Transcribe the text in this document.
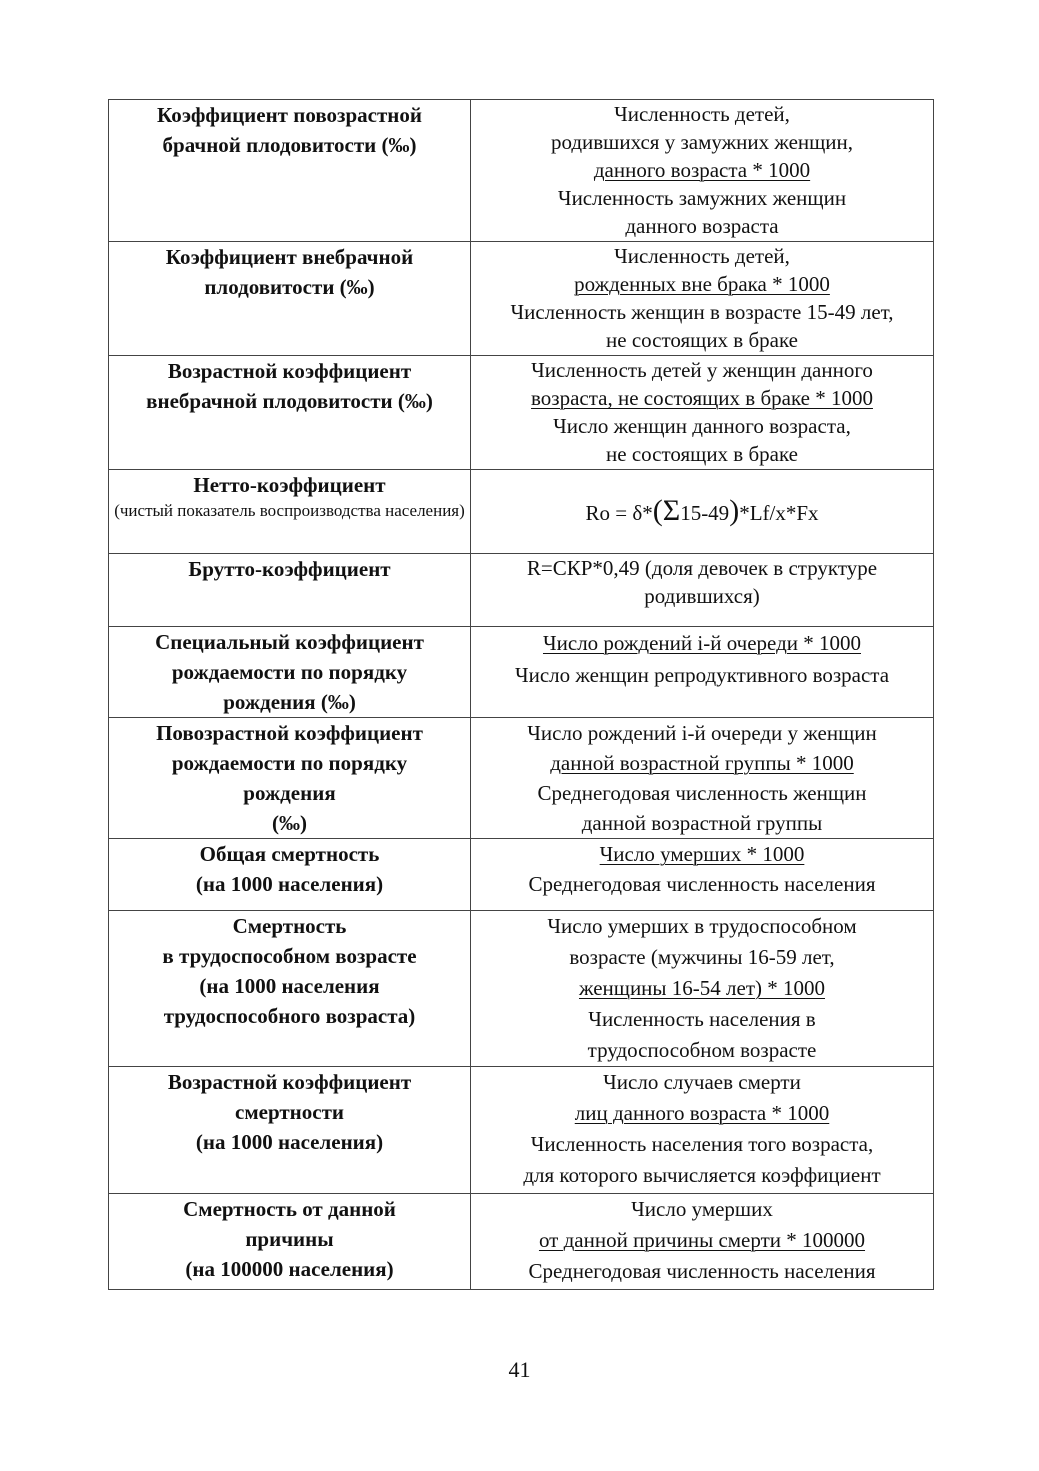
Коэффициент повозрастной
брачной плодовитости (‰)	Численность детей,
родившихся у замужних женщин,
данного возраста * 1000
Численность замужних женщин
данного возраста

Коэффициент внебрачной
плодовитости (‰)	Численность детей,
рожденных вне брака * 1000
Численность женщин в возрасте 15-49 лет,
не состоящих в браке

Возрастной коэффициент
внебрачной плодовитости (‰)	Численность детей у женщин данного
возраста, не состоящих в браке * 1000
Число женщин данного возраста,
не состоящих в браке

Нетто-коэффициент
(чистый показатель воспроизводства населения)	Ro = δ*(Σ15-49)*Lf/x*Fx

Брутто-коэффициент	R=СКР*0,49 (доля девочек в структуре
родившихся)

Специальный коэффициент
рождаемости по порядку
рождения (‰)	Число рождений i-й очереди * 1000
Число женщин репродуктивного возраста

Повозрастной коэффициент
рождаемости по порядку
рождения
(‰)	Число рождений i-й очереди у женщин
данной возрастной группы * 1000
Среднегодовая численность женщин
данной возрастной группы

Общая смертность
(на 1000 населения)	Число умерших * 1000
Среднегодовая численность населения

Смертность
в трудоспособном возрасте
(на 1000 населения
трудоспособного возраста)	Число умерших в трудоспособном
возрасте (мужчины 16-59 лет,
женщины 16-54 лет) * 1000
Численность населения в
трудоспособном возрасте

Возрастной коэффициент
смертности
(на 1000 населения)	Число случаев смерти
лиц данного возраста * 1000
Численность населения того возраста,
для которого вычисляется коэффициент

Смертность от данной
причины
(на 100000 населения)	Число умерших
от данной причины смерти * 100000
Среднегодовая численность населения
41
